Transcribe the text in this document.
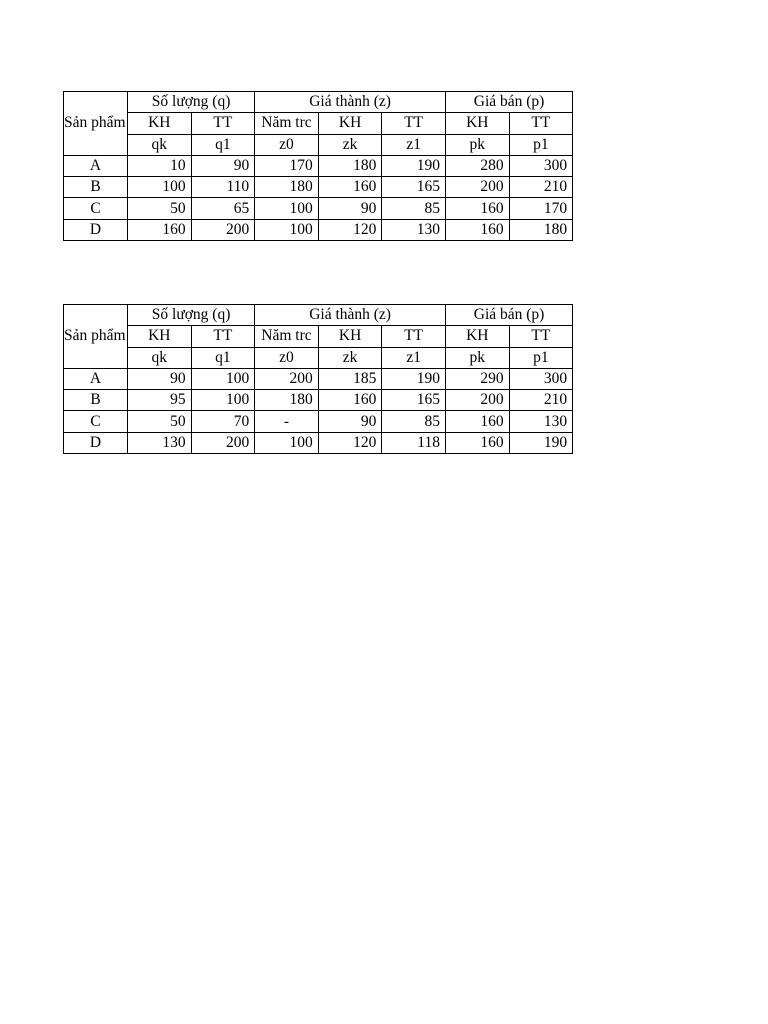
Sản phẩm	Số lượng (q)		Giá thành (z)			Giá bán (p)	
	KH	TT	Năm trc	KH	TT	KH	TT
	qk	q1	z0	zk	z1	pk	p1
A	10	90	170	180	190	280	300
B	100	110	180	160	165	200	210
C	50	65	100	90	85	160	170
D	160	200	100	120	130	160	180
Sản phẩm	Số lượng (q)		Giá thành (z)			Giá bán (p)	
	KH	TT	Năm trc	KH	TT	KH	TT
	qk	q1	z0	zk	z1	pk	p1
A	90	100	200	185	190	290	300
B	95	100	180	160	165	200	210
C	50	70	-	90	85	160	130
D	130	200	100	120	118	160	190
